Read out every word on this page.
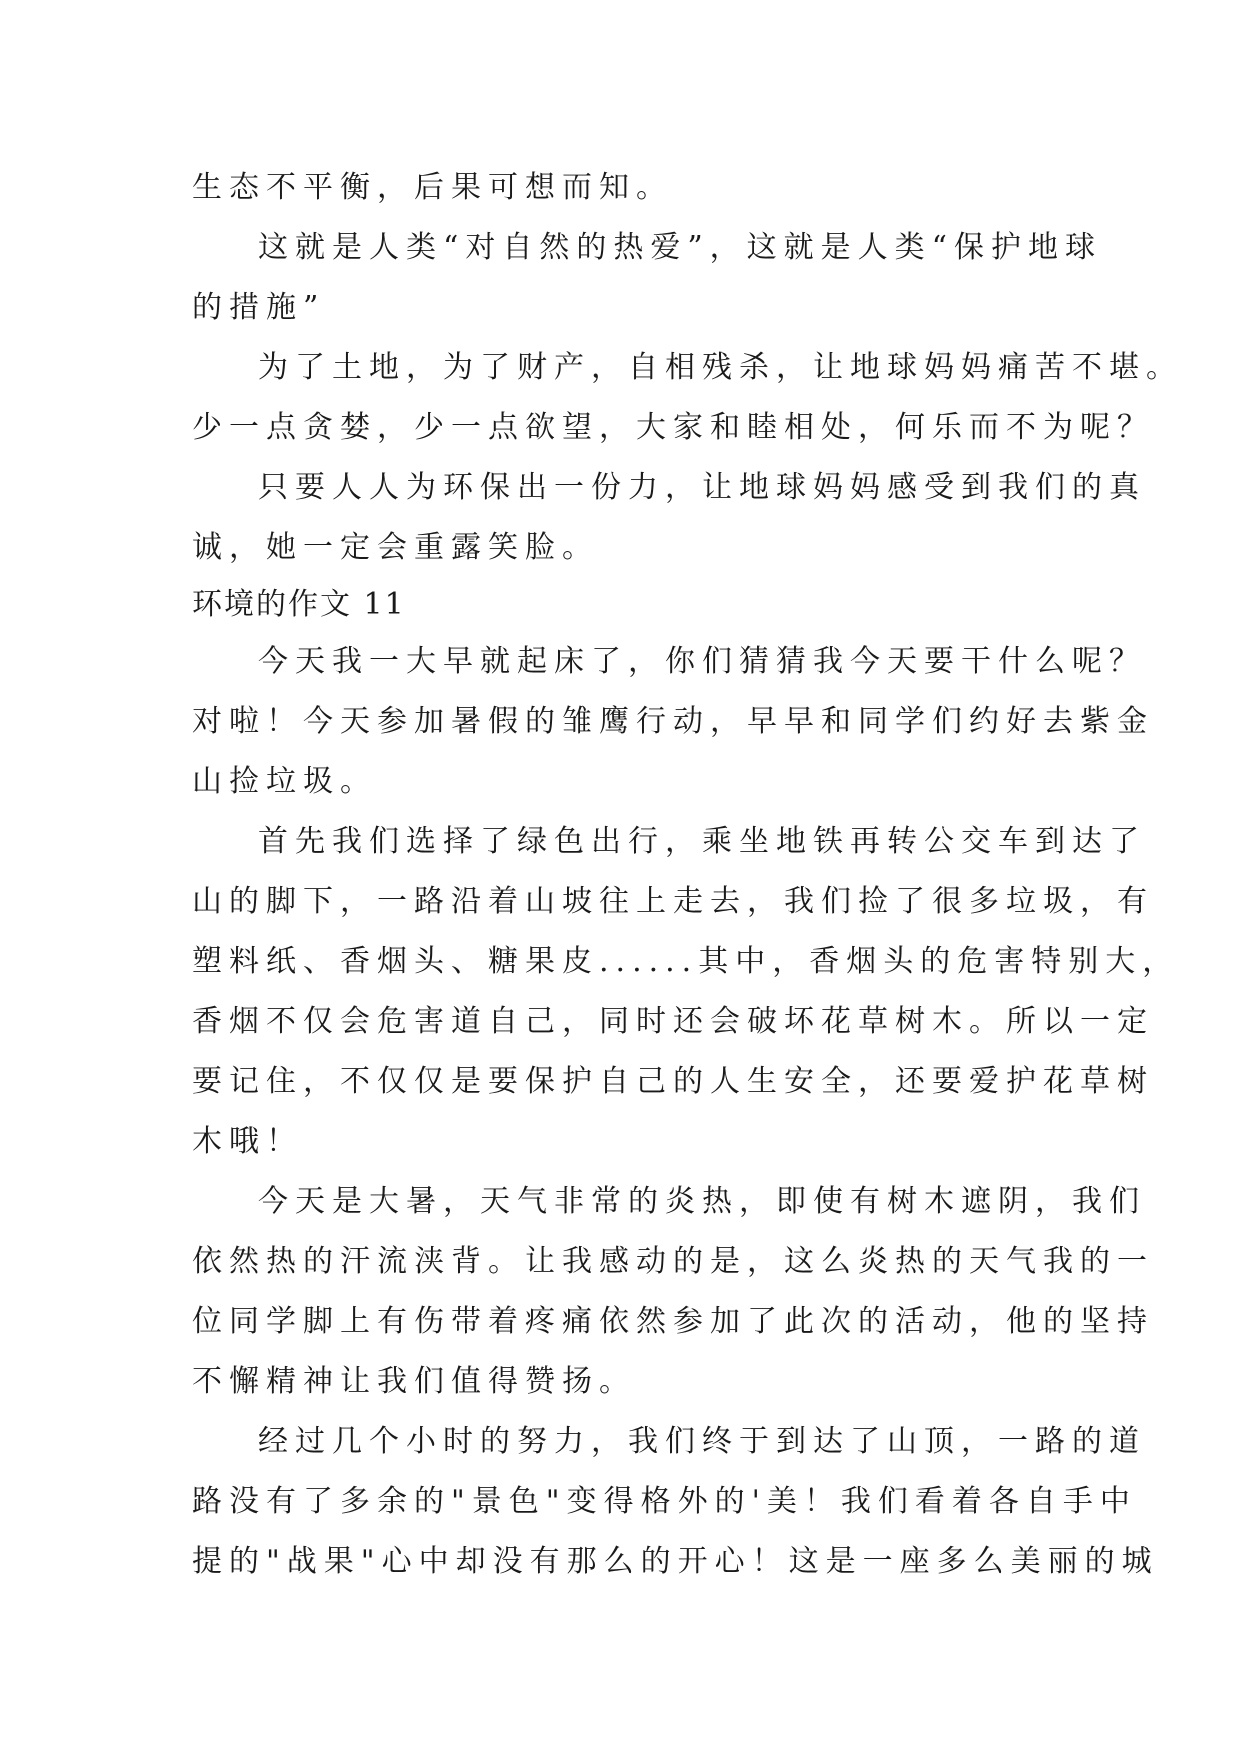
生态不平衡，后果可想而知。
这就是人类“对自然的热爱”，这就是人类“保护地球
的措施”
为了土地，为了财产，自相残杀，让地球妈妈痛苦不堪。
少一点贪婪，少一点欲望，大家和睦相处，何乐而不为呢？
只要人人为环保出一份力，让地球妈妈感受到我们的真
诚，她一定会重露笑脸。
环境的作文 11
今天我一大早就起床了，你们猜猜我今天要干什么呢？
对啦！今天参加暑假的雏鹰行动，早早和同学们约好去紫金
山捡垃圾。
首先我们选择了绿色出行，乘坐地铁再转公交车到达了
山的脚下，一路沿着山坡往上走去，我们捡了很多垃圾，有
塑料纸、香烟头、糖果皮......其中，香烟头的危害特别大，
香烟不仅会危害道自己，同时还会破坏花草树木。所以一定
要记住，不仅仅是要保护自己的人生安全，还要爱护花草树
木哦！
今天是大暑，天气非常的炎热，即使有树木遮阴，我们
依然热的汗流浃背。让我感动的是，这么炎热的天气我的一
位同学脚上有伤带着疼痛依然参加了此次的活动，他的坚持
不懈精神让我们值得赞扬。
经过几个小时的努力，我们终于到达了山顶，一路的道
路没有了多余的"景色"变得格外的'美！我们看着各自手中
提的"战果"心中却没有那么的开心！这是一座多么美丽的城
